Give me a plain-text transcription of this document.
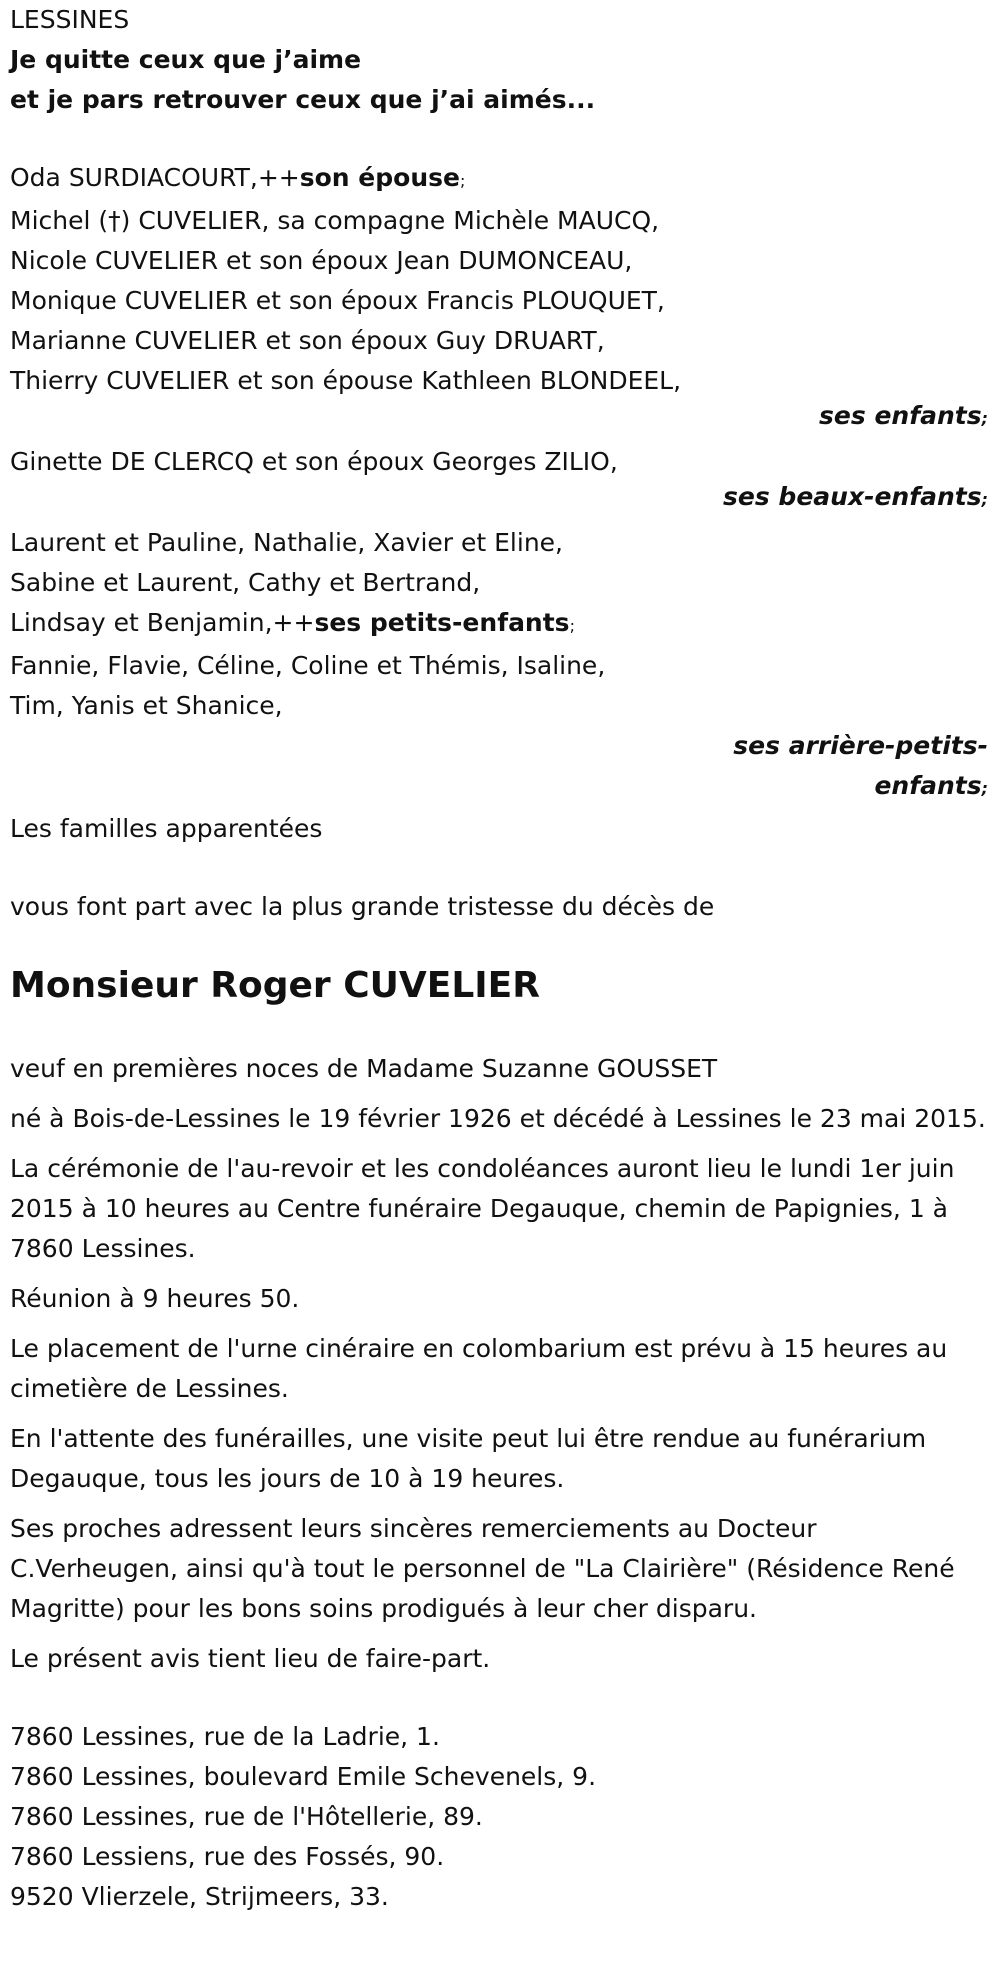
LESSINES
Je quitte ceux que j’aime
et je pars retrouver ceux que j’ai aimés...
Oda SURDIACOURT,++son épouse;
Michel (†) CUVELIER, sa compagne Michèle MAUCQ,
Nicole CUVELIER et son époux Jean DUMONCEAU,
Monique CUVELIER et son époux Francis PLOUQUET,
Marianne CUVELIER et son époux Guy DRUART,
Thierry CUVELIER et son épouse Kathleen BLONDEEL,
ses enfants;
Ginette DE CLERCQ et son époux Georges ZILIO,
ses beaux-enfants;
Laurent et Pauline, Nathalie, Xavier et Eline,
Sabine et Laurent, Cathy et Bertrand,
Lindsay et Benjamin,++ses petits-enfants;
Fannie, Flavie, Céline, Coline et Thémis, Isaline,
Tim, Yanis et Shanice,
ses arrière-petits-
enfants;
Les familles apparentées
vous font part avec la plus grande tristesse du décès de
Monsieur Roger CUVELIER
veuf en premières noces de Madame Suzanne GOUSSET
né à Bois-de-Lessines le 19 février 1926 et décédé à Lessines le 23 mai 2015.
La cérémonie de l'au-revoir et les condoléances auront lieu le lundi 1er juin 2015 à 10 heures au Centre funéraire Degauque, chemin de Papignies, 1 à 7860 Lessines.
Réunion à 9 heures 50.
Le placement de l'urne cinéraire en colombarium est prévu à 15 heures au cimetière de Lessines.
En l'attente des funérailles, une visite peut lui être rendue au funérarium Degauque, tous les jours de 10 à 19 heures.
Ses proches adressent leurs sincères remerciements au Docteur C.Verheugen, ainsi qu'à tout le personnel de "La Clairière" (Résidence René Magritte) pour les bons soins prodigués à leur cher disparu.
Le présent avis tient lieu de faire-part.
7860 Lessines, rue de la Ladrie, 1.
7860 Lessines, boulevard Emile Schevenels, 9.
7860 Lessines, rue de l'Hôtellerie, 89.
7860 Lessiens, rue des Fossés, 90.
9520 Vlierzele, Strijmeers, 33.
